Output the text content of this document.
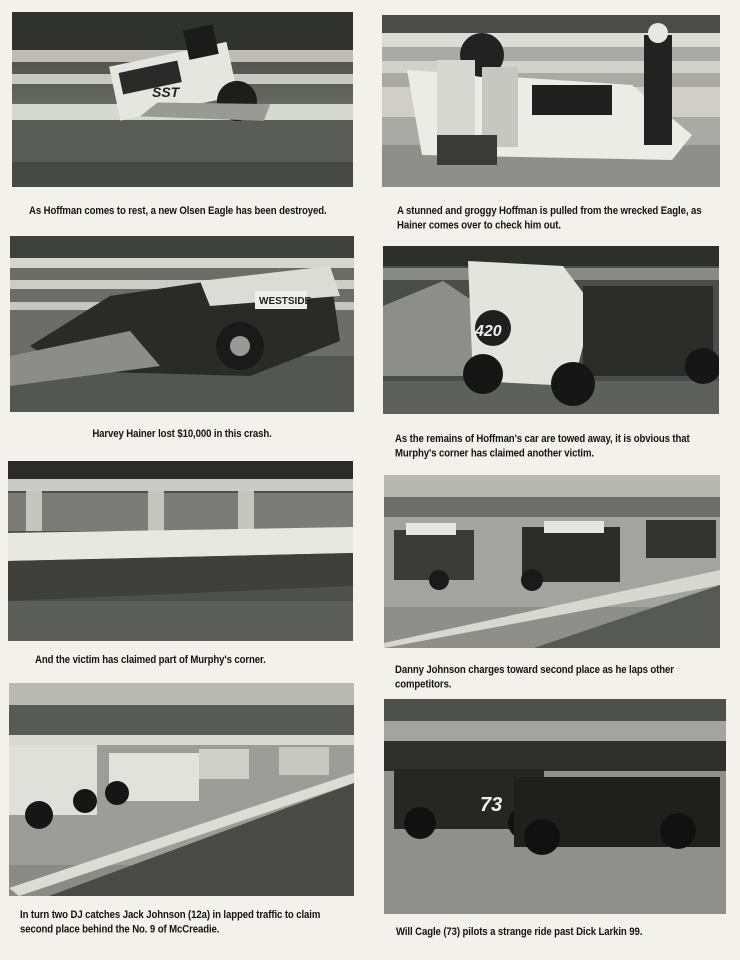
SST
As Hoffman comes to rest, a new Olsen Eagle has been destroyed.	A stunned and groggy Hoffman is pulled from the wrecked Eagle, as Hainer comes over to check him out.
WESTSIDE
Harvey Hainer lost $10,000 in this crash.
420
As the remains of Hoffman's car are towed away, it is obvious that Murphy's corner has claimed another victim.
And the victim has claimed part of Murphy's corner.
Danny Johnson charges toward second place as he laps other competitors.
In turn two DJ catches Jack Johnson (12a) in lapped traffic to claim second place behind the No. 9 of McCreadie.
73
Will Cagle (73) pilots a strange ride past Dick Larkin 99.
